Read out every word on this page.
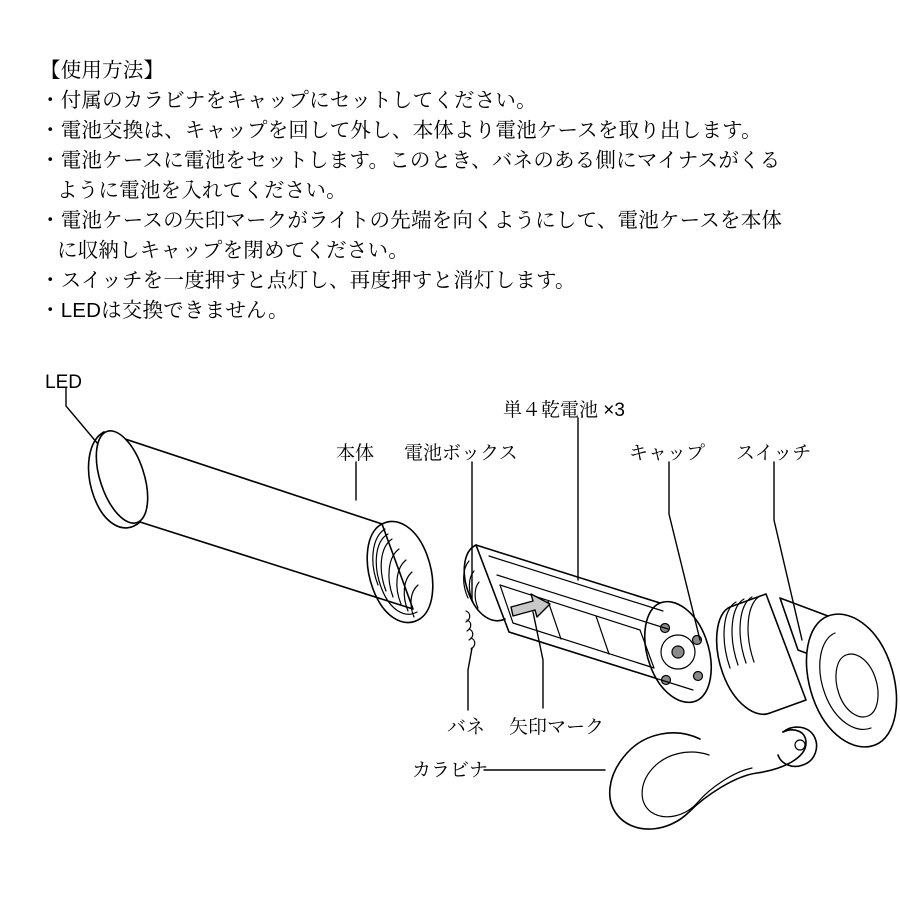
【使用方法】
・付属のカラビナをキャップにセットしてください。
・電池交換は、キャップを回して外し、本体より電池ケースを取り出します。
・電池ケースに電池をセットします。このとき、バネのある側にマイナスがくる
ように電池を入れてください。
・電池ケースの矢印マークがライトの先端を向くようにして、電池ケースを本体
に収納しキャップを閉めてください。
・スイッチを一度押すと点灯し、再度押すと消灯します。
・LEDは交換できません。
LED
本体 電池ボックス
単４乾電池 ×3
キャップ スイッチ
バネ 矢印マーク
カラビナ
